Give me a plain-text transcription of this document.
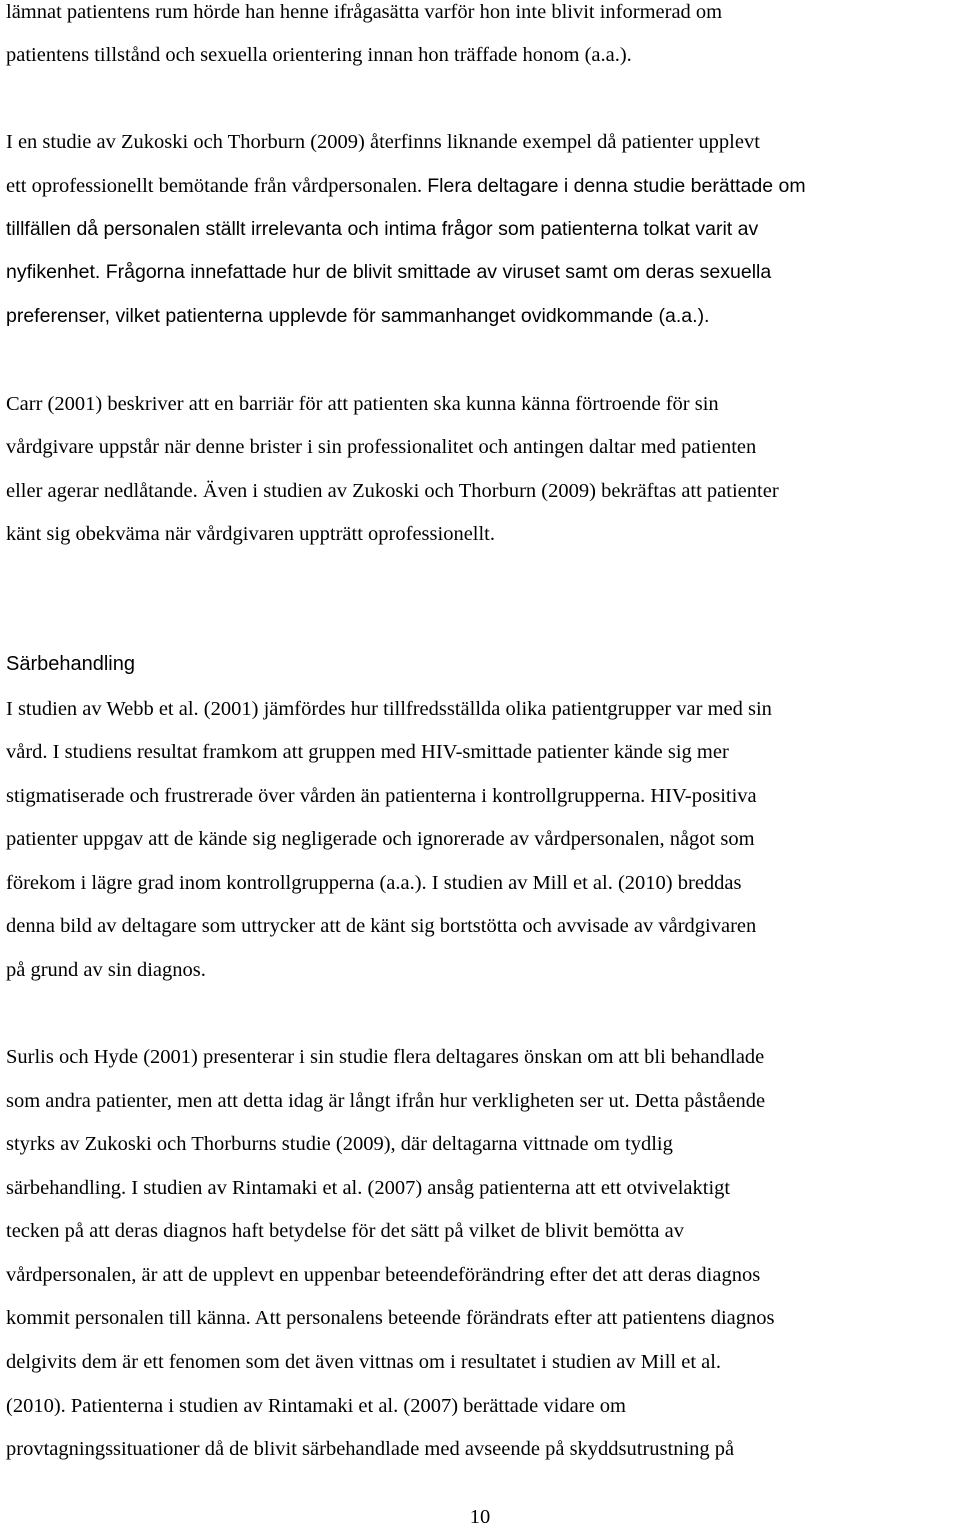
lämnat patientens rum hörde han henne ifrågasätta varför hon inte blivit informerad om
patientens tillstånd och sexuella orientering innan hon träffade honom (a.a.).
I en studie av Zukoski och Thorburn (2009) återfinns liknande exempel då patienter upplevt
ett oprofessionellt bemötande från vårdpersonalen. Flera deltagare i denna studie berättade om
tillfällen då personalen ställt irrelevanta och intima frågor som patienterna tolkat varit av
nyfikenhet. Frågorna innefattade hur de blivit smittade av viruset samt om deras sexuella
preferenser, vilket patienterna upplevde för sammanhanget ovidkommande (a.a.).
Carr (2001) beskriver att en barriär för att patienten ska kunna känna förtroende för sin
vårdgivare uppstår när denne brister i sin professionalitet och antingen daltar med patienten
eller agerar nedlåtande. Även i studien av Zukoski och Thorburn (2009) bekräftas att patienter
känt sig obekväma när vårdgivaren uppträtt oprofessionellt.
Särbehandling
I studien av Webb et al. (2001) jämfördes hur tillfredsställda olika patientgrupper var med sin
vård. I studiens resultat framkom att gruppen med HIV-smittade patienter kände sig mer
stigmatiserade och frustrerade över vården än patienterna i kontrollgrupperna. HIV-positiva
patienter uppgav att de kände sig negligerade och ignorerade av vårdpersonalen, något som
förekom i lägre grad inom kontrollgrupperna (a.a.). I studien av Mill et al. (2010) breddas
denna bild av deltagare som uttrycker att de känt sig bortstötta och avvisade av vårdgivaren
på grund av sin diagnos.
Surlis och Hyde (2001) presenterar i sin studie flera deltagares önskan om att bli behandlade
som andra patienter, men att detta idag är långt ifrån hur verkligheten ser ut. Detta påstående
styrks av Zukoski och Thorburns studie (2009), där deltagarna vittnade om tydlig
särbehandling. I studien av Rintamaki et al. (2007) ansåg patienterna att ett otvivelaktigt
tecken på att deras diagnos haft betydelse för det sätt på vilket de blivit bemötta av
vårdpersonalen, är att de upplevt en uppenbar beteendeförändring efter det att deras diagnos
kommit personalen till känna. Att personalens beteende förändrats efter att patientens diagnos
delgivits dem är ett fenomen som det även vittnas om i resultatet i studien av Mill et al.
(2010). Patienterna i studien av Rintamaki et al. (2007) berättade vidare om
provtagningssituationer då de blivit särbehandlade med avseende på skyddsutrustning på
10
